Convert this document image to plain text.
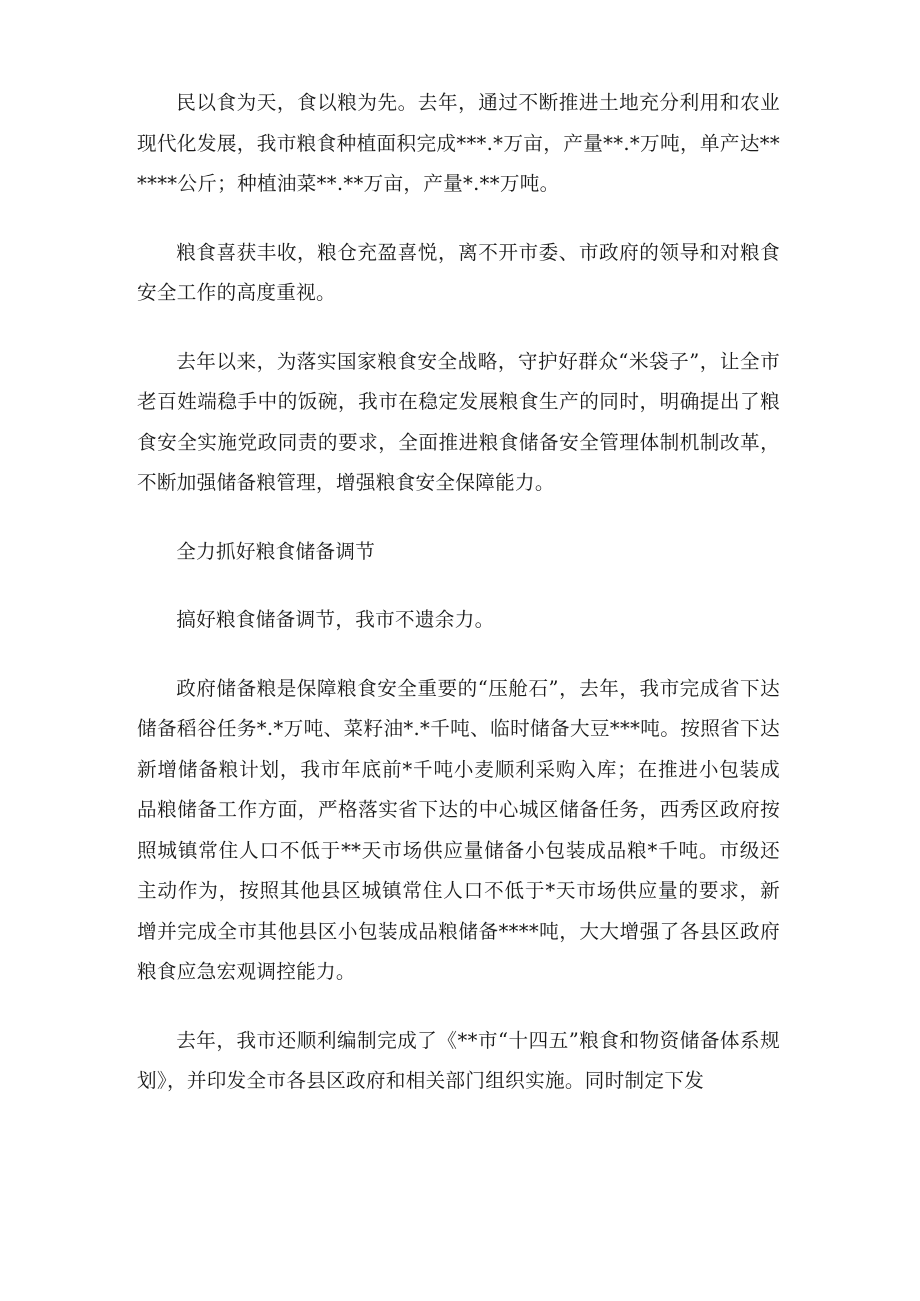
民以食为天，食以粮为先。去年，通过不断推进土地充分利用和农业现代化发展，我市粮食种植面积完成***.*万亩，产量**.*万吨，单产达******公斤；种植油菜**.**万亩，产量*.**万吨。

粮食喜获丰收，粮仓充盈喜悦，离不开市委、市政府的领导和对粮食安全工作的高度重视。

去年以来，为落实国家粮食安全战略，守护好群众“米袋子”，让全市老百姓端稳手中的饭碗，我市在稳定发展粮食生产的同时，明确提出了粮食安全实施党政同责的要求，全面推进粮食储备安全管理体制机制改革，不断加强储备粮管理，增强粮食安全保障能力。

全力抓好粮食储备调节

搞好粮食储备调节，我市不遗余力。

政府储备粮是保障粮食安全重要的“压舱石”，去年，我市完成省下达储备稻谷任务*.*万吨、菜籽油*.*千吨、临时储备大豆***吨。按照省下达新增储备粮计划，我市年底前*千吨小麦顺利采购入库；在推进小包装成品粮储备工作方面，严格落实省下达的中心城区储备任务，西秀区政府按照城镇常住人口不低于**天市场供应量储备小包装成品粮*千吨。市级还主动作为，按照其他县区城镇常住人口不低于*天市场供应量的要求，新增并完成全市其他县区小包装成品粮储备****吨，大大增强了各县区政府粮食应急宏观调控能力。

去年，我市还顺利编制完成了《**市“十四五”粮食和物资储备体系规划》，并印发全市各县区政府和相关部门组织实施。同时制定下发
